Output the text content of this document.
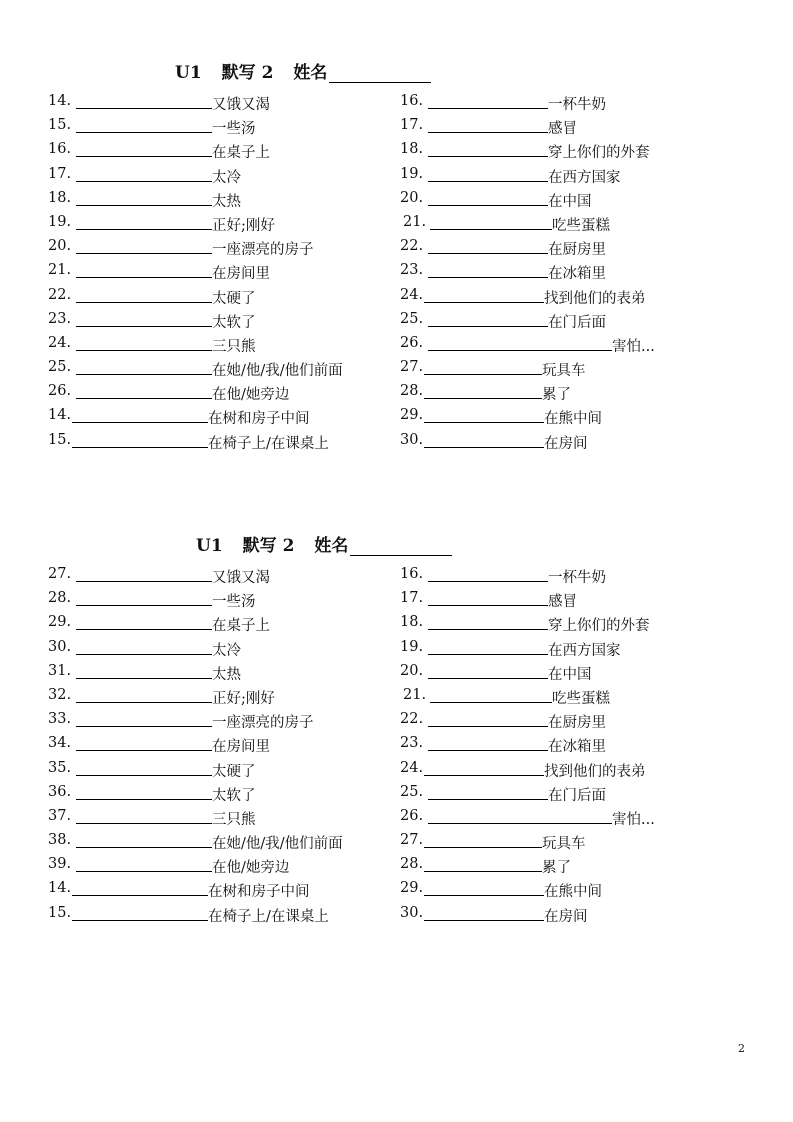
U1 默写 2 姓名
14.	又饿又渴
15.	一些汤
16.	在桌子上
17.	太冷
18.	太热
19.	正好;刚好
20.	一座漂亮的房子
21.	在房间里
22.	太硬了
23.	太软了
24.	三只熊
25.	在她/他/我/他们前面
26.	在他/她旁边
14.	在树和房子中间
15.	在椅子上/在课桌上
16.	一杯牛奶
17.	感冒
18.	穿上你们的外套
19.	在西方国家
20.	在中国
21.	吃些蛋糕
22.	在厨房里
23.	在冰箱里
24.	找到他们的表弟
25.	在门后面
26.	害怕...
27.	玩具车
28.	累了
29.	在熊中间
30.	在房间
U1 默写 2 姓名
27.	又饿又渴
28.	一些汤
29.	在桌子上
30.	太冷
31.	太热
32.	正好;刚好
33.	一座漂亮的房子
34.	在房间里
35.	太硬了
36.	太软了
37.	三只熊
38.	在她/他/我/他们前面
39.	在他/她旁边
14.	在树和房子中间
15.	在椅子上/在课桌上
16.	一杯牛奶
17.	感冒
18.	穿上你们的外套
19.	在西方国家
20.	在中国
21.	吃些蛋糕
22.	在厨房里
23.	在冰箱里
24.	找到他们的表弟
25.	在门后面
26.	害怕...
27.	玩具车
28.	累了
29.	在熊中间
30.	在房间
2
